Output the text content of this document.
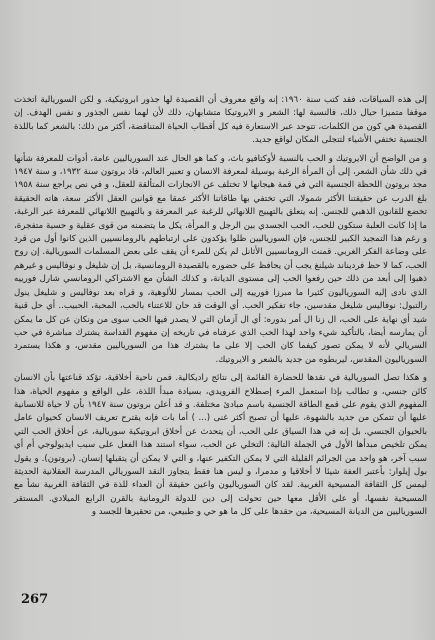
إلى هذه السياقات، فقد كتب سنة ١٩٦٠: إنه واقع معروف أن القصيدة لها جذور ابروتيكية، و لكن السوريالية اتخذت موقفا متميزا حيال ذلك، فالنسبة لها: الشعر و الايروتيكا متشابهان، ذلك لأن لهما نفس الجذور و نفس الهدف. إن القصيدة هي كون من الكلمات، تتوحد عبر الاستعارة فيه كل أقطاب الحياة المتناقضة، أكثر من ذلك: بالشعر كما باللذة الجنسية تختفي الأشياء لتتجلى المكان لواقع جديد.

و من الواضح أن الايروتيك و الحب بالنسبة لأوكتافيو باث، و كما هو الحال عند السورياليين عامة، أدوات للمعرفة شأنها في ذلك شأن الشعر، إلى أن المرأة الرغبة بوسيلة لمعرفة الانسان و تعبير العالم، فاذ بروتون سنة ١٩٣٢، و سنة ١٩٤٧ مجد بروتون اللحظة الجنسية التي في قمة هيجانها لا تختلف عن الانجازات المتألقة للعقل، و في نص يراجع سنة ١٩٥٨ بلغ الدرب عن حقيقتنا الأكثر شمولا، التي تختفي بها طاقاتنا الأكثر عمقا مع قوانين العقل الأكثر سعة، هاته الحقيقة تخضع للقانون الذهبي للجنس. إنه يتعلق بالتهييج اللانهائي للرغبة عبر المعرفة و بالتهييج اللانهائي للمعرفة عبر الرغبة، ما إذا كانت العلبة ستكون للحب، الحب الجسدي بين الرجل و المرأة، يكل ما يتضمنه من قوى عقلية و حسية متفجرة، و رغم هذا التمجيد الكبير للجنس، فإن السورياليين ظلوا يؤكدون على ارتباطهم بالرومانسيين الذين كانوا أول من قرد على وضاعة الفكر الغربي. قمنت الرومانسيين الأثانل لم يكن للمرء أن يقف على بعض المسلمات السوريالية. إن روح الحب، كما لا حظ فرديناند شيلنغ يجب أن يحافظ على حضوره بالقصيدة الرومانسية، بل إن شليغل و نوفاليس و غيرهم ذهبوا إلى أبعد من ذلك حين رفعوا الحب إلى مستوى الديانة، و كذلك الشأن مع الاشتراكي الرومانسي شارل فورييه الذي نادى إليه السورياليون كثيرا ما مبرزا فورييه إلى الحب بمسار للألوهية، و قراه بعد نوفاليس و شليغل ينول رالتبول: نوفاليس شليغل مقدسين، جاء تفكير الحب. أي الوقت قد حان للاعتناء بالحب، المحبة، الحبيب.. أي حل قنية شيد أي نهاية على الحب، ال زنا ال أمر بدوره: أي ال آزمان التي لا يصدر فيها الحب سوى من ونكان عن كل ما يمكن أن يمارسه أيضا، بالتأكيد شيء واحد لهذا الحب الذي عرفناه في تاريخه إن مفهوم القداسة يشترك مباشرة في حب السريالي لأنه لا يمكن تصور كيفما كان الحب إلا على ما يشترك هذا من السورياليين مقدس، و هكذا يستمرد السورياليون المقدس، ليربطوه من جديد بالشعر و الايروتيك.

و هكذا تصل السوريالية في نقدها للحضارة القائمة إلى نتائج راديكالية. فمن ناحية أخلاقية، تؤكد قناعتها بأن الانسان كائن جنسي، و تطالب بإذا استعمل المرء إصطلاح الفرويدي، بسيادة مبدأ اللذة، على الواقع و مفهوم الحياة، هذا المفهوم الذي يقوم على قمع الطاقة الجنسية باسم مبادئ مختلفة. و قد أعلن بروتون سنة ١٩٤٧ بأن لا حياة للانسانية عليها أن تتمكن من جديد بالشهوة، عليها أن تصبح أكثر غنى (... ) أما بات فإنه يقترح تعريف الانسان كحيوان عامل بالحيوان الجنسي. بل إنه في هذا السياق على الحب، أن يتحدث عن أخلاق ابروتيكية سوريالية، عن أخلاق الحب التي يمكن تلخيص مبدأها الأول في الجملة التالية: التخلي عن الحب، سواء استند هذا الفعل على سبب ايديولوجي أم أي سبب آخر، هو واحد من الجرائم القليلة التي لا يمكن التكفير عنها، و التي لا يمكن أن يتقبلها إنسان. (بروتون). و يقول بول إيلوار: بأعتبر العفة شيئا لا أخلاقيا و مدمرا، و ليس هنا فقط يتجاوز النقد السوريالي المدرسة العقلانية الحديثة ليمس كل الثقافة المسيحية الغربية. لقد كان السورياليون واعين حقيقة أن العداء للذة في الثقافة الغربية نشأ مع المسيحية نفسها، أو على الأقل معها حين تحولت إلى دين للدولة الرومانية بالقرن الرابع الميلادي. المستقر السورياليين من الديانة المسيحية، من حقدها على كل ما هو حي و طبيعي، من تحقيرها للجسد و

267
